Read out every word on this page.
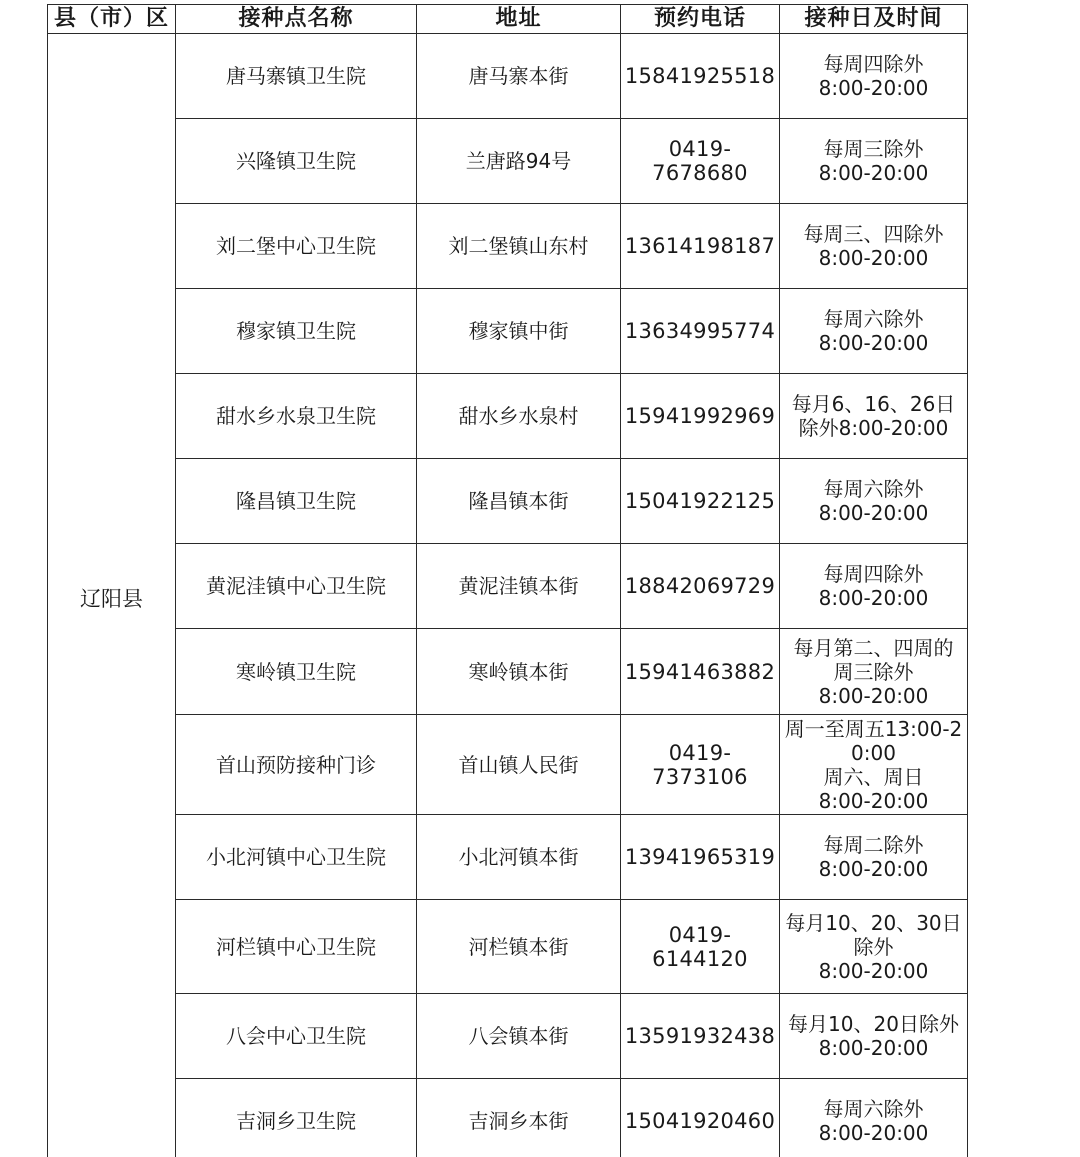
县（市）区	接种点名称	地址	预约电话	接种日及时间
辽阳县	唐马寨镇卫生院	唐马寨本街	15841925518	每周四除外
8:00-20:00

	兴隆镇卫生院	兰唐路94号	0419-7678680	每周三除外
8:00-20:00

	刘二堡中心卫生院	刘二堡镇山东村	13614198187	每周三、四除外
8:00-20:00

	穆家镇卫生院	穆家镇中街	13634995774	每周六除外
8:00-20:00

	甜水乡水泉卫生院	甜水乡水泉村	15941992969	每月6、16、26日
除外8:00-20:00

	隆昌镇卫生院	隆昌镇本街	15041922125	每周六除外
8:00-20:00

	黄泥洼镇中心卫生院	黄泥洼镇本街	18842069729	每周四除外
8:00-20:00

	寒岭镇卫生院	寒岭镇本街	15941463882	每月第二、四周的
周三除外
8:00-20:00

	首山预防接种门诊	首山镇人民街	0419-7373106	周一至周五13:00-2
0:00
周六、周日
8:00-20:00

	小北河镇中心卫生院	小北河镇本街	13941965319	每周二除外
8:00-20:00

	河栏镇中心卫生院	河栏镇本街	0419-6144120	每月10、20、30日
除外
8:00-20:00

	八会中心卫生院	八会镇本街	13591932438	每月10、20日除外
8:00-20:00

	吉洞乡卫生院	吉洞乡本街	15041920460	每周六除外
8:00-20:00
